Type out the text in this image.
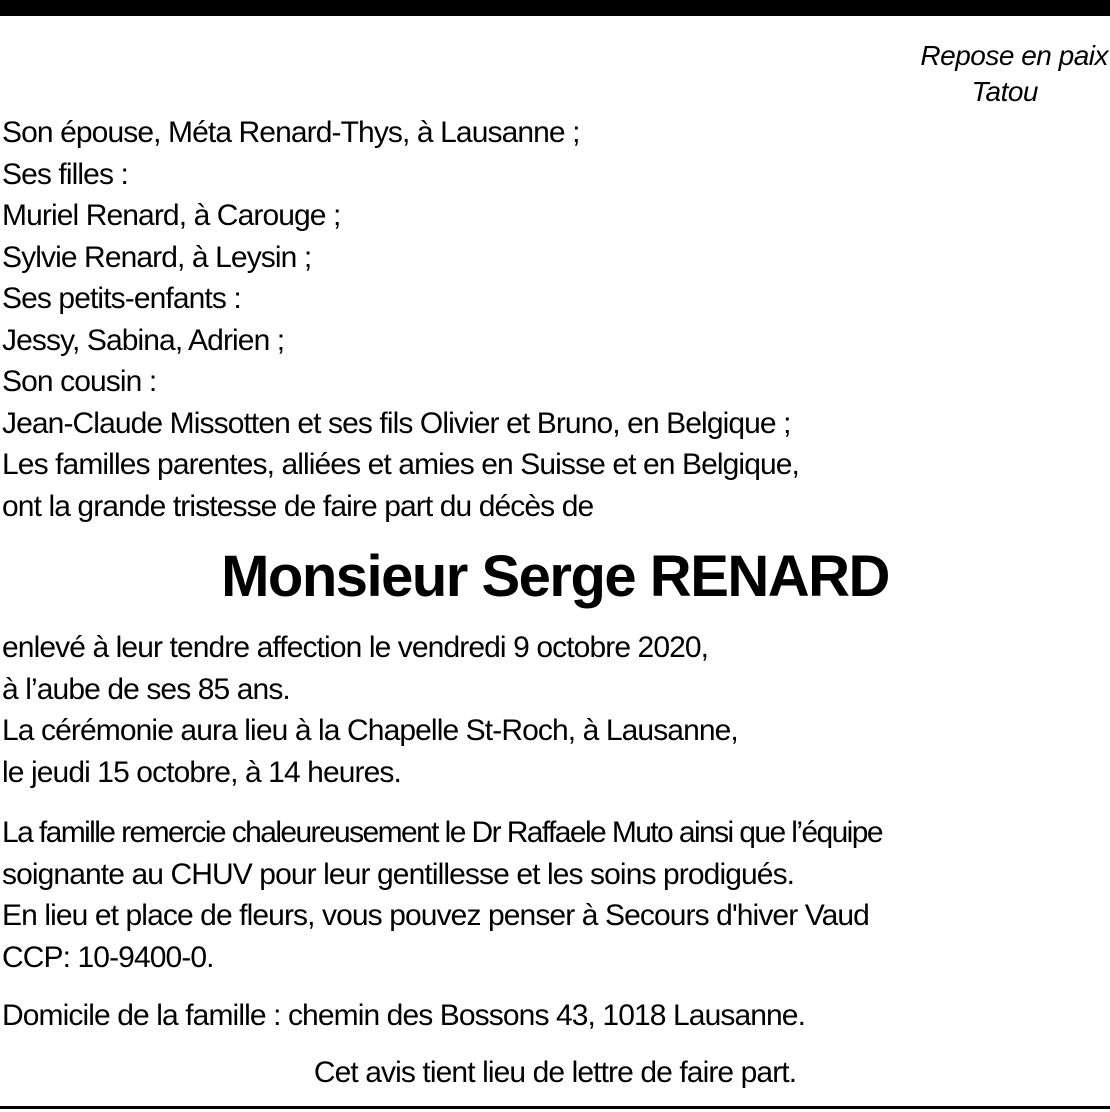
Repose en paix
Tatou
Son épouse, Méta Renard-Thys, à Lausanne ;
Ses filles :
Muriel Renard, à Carouge ;
Sylvie Renard, à Leysin ;
Ses petits-enfants :
Jessy, Sabina, Adrien ;
Son cousin :
Jean-Claude Missotten et ses fils Olivier et Bruno, en Belgique ;
Les familles parentes, alliées et amies en Suisse et en Belgique,
ont la grande tristesse de faire part du décès de
Monsieur Serge RENARD
enlevé à leur tendre affection le vendredi 9 octobre 2020,
à l’aube de ses 85 ans.
La cérémonie aura lieu à la Chapelle St-Roch, à Lausanne,
le jeudi 15 octobre, à 14 heures.
La famille remercie chaleureusement le Dr Raffaele Muto ainsi que l’équipe
soignante au CHUV pour leur gentillesse et les soins prodigués.
En lieu et place de fleurs, vous pouvez penser à Secours d'hiver Vaud
CCP: 10-9400-0.
Domicile de la famille : chemin des Bossons 43, 1018 Lausanne.
Cet avis tient lieu de lettre de faire part.
